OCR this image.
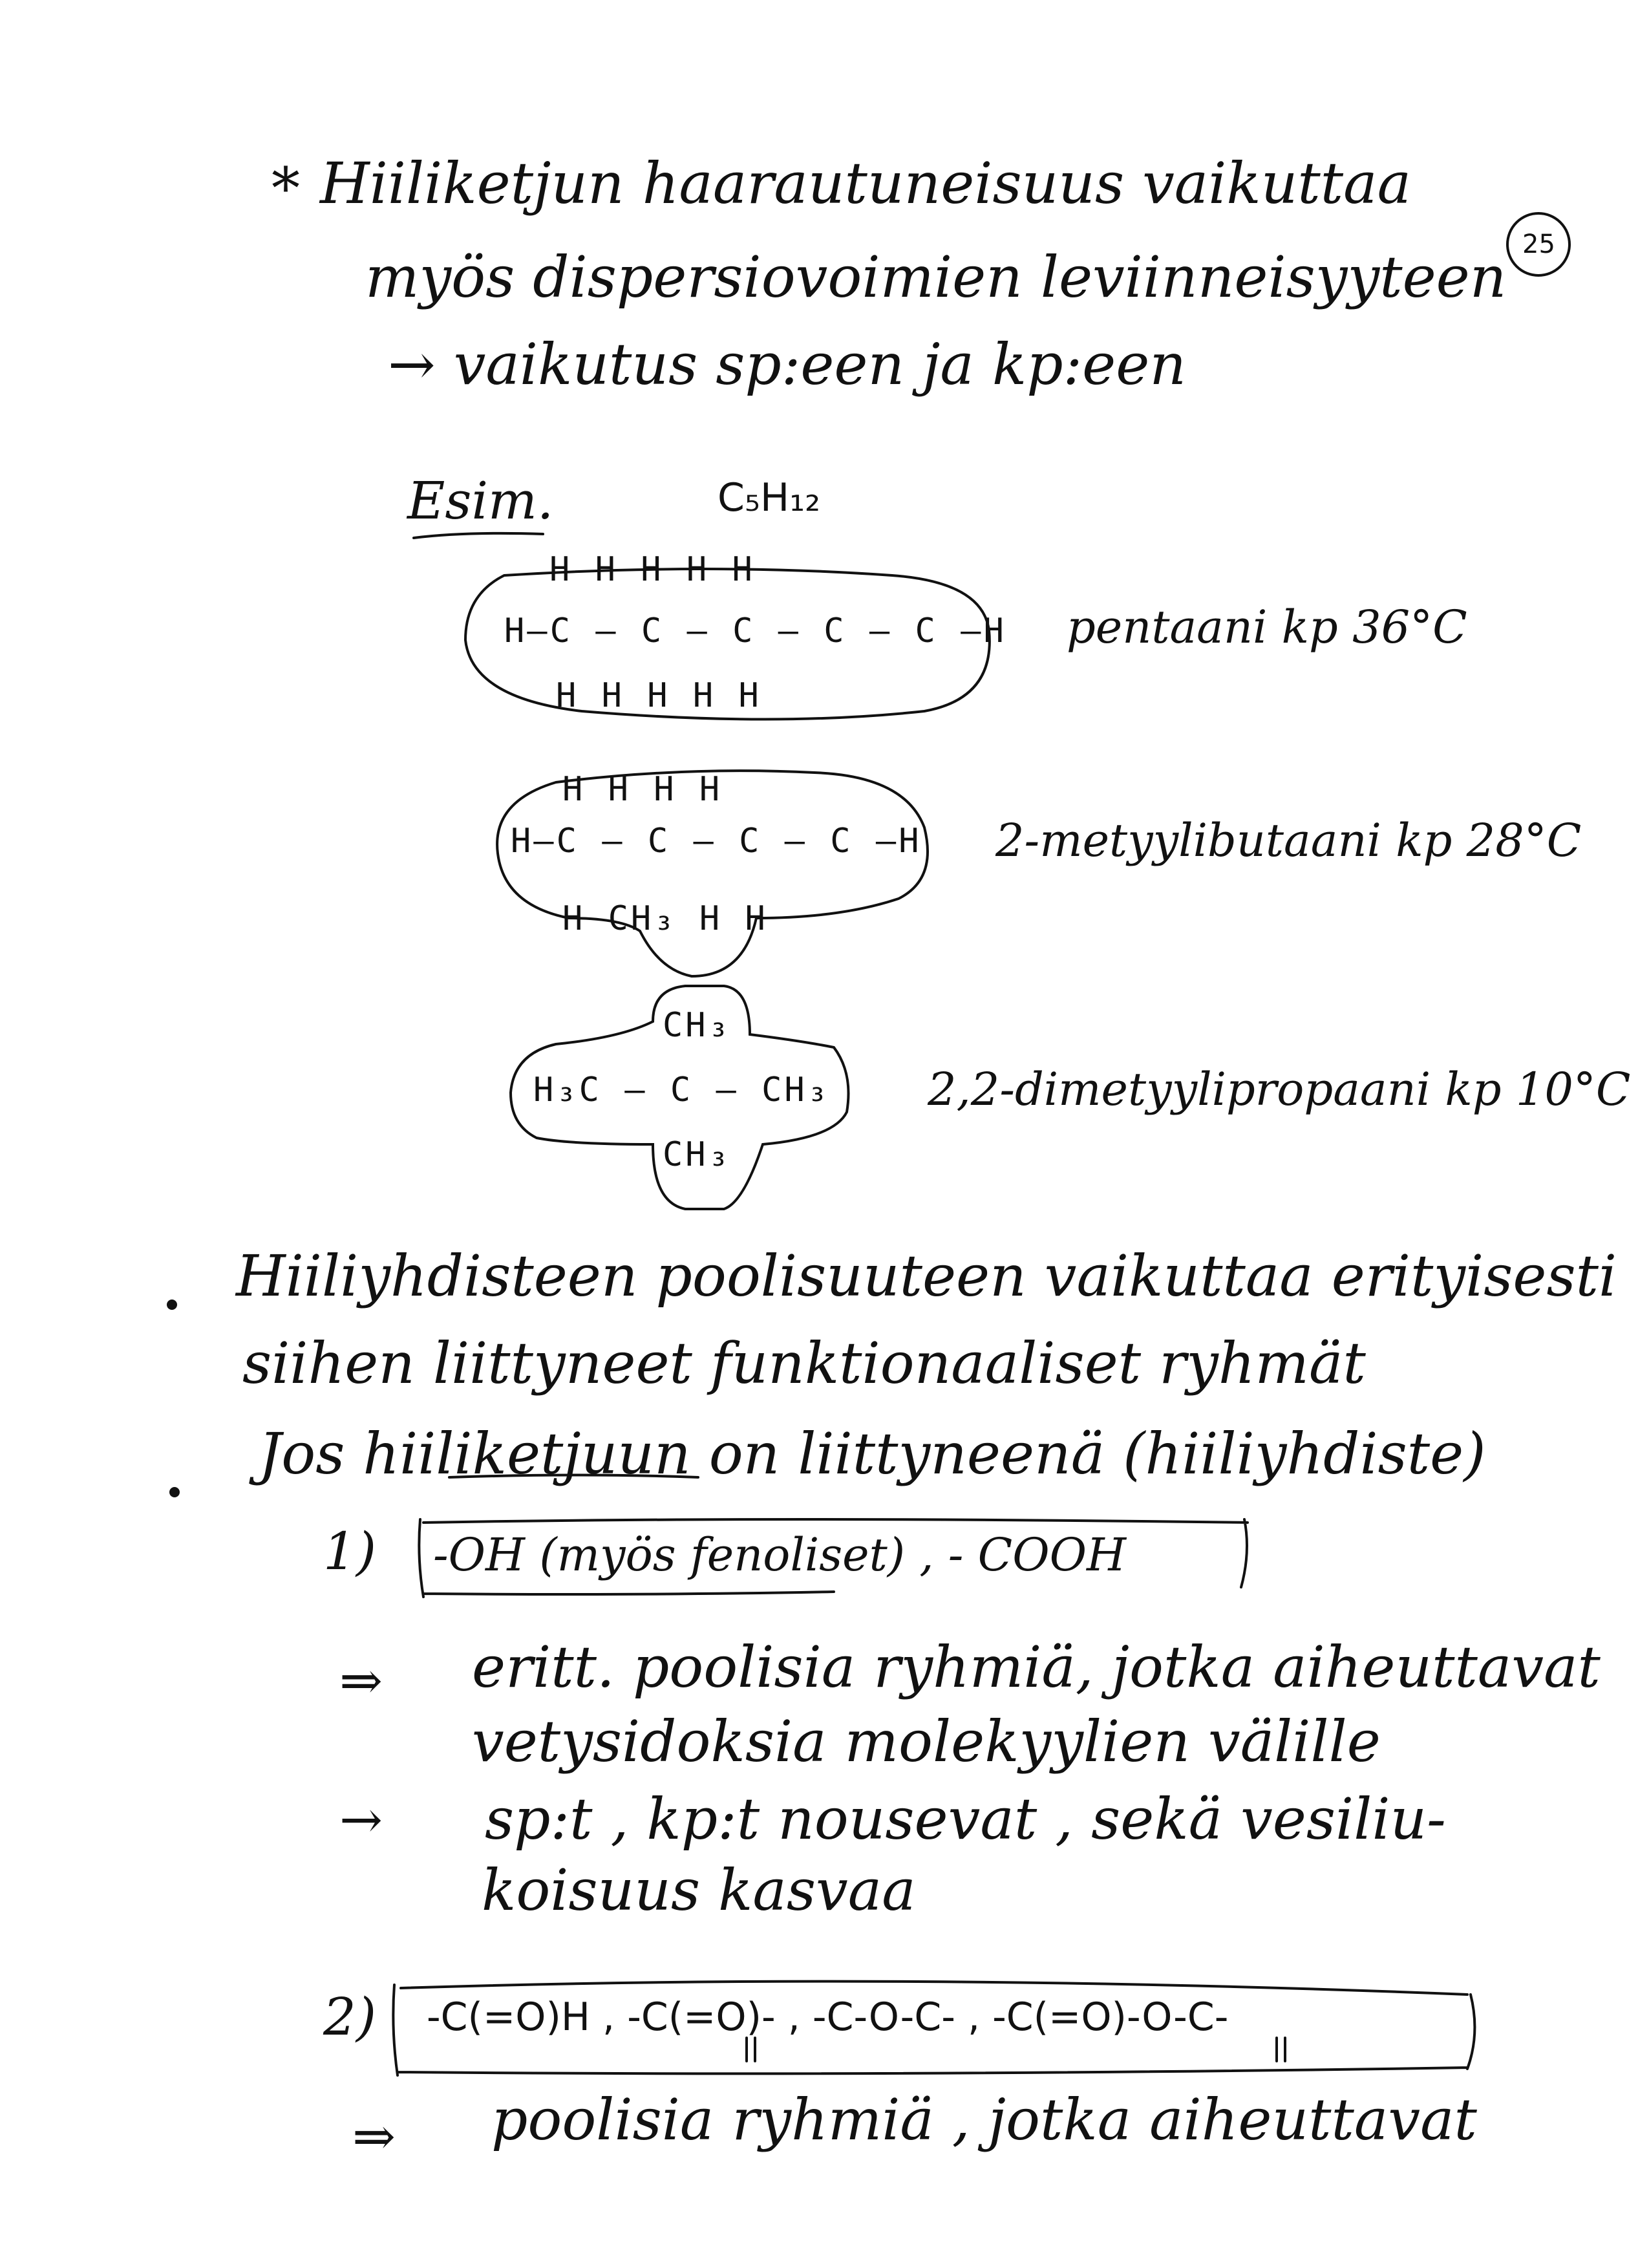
25
* Hiiliketjun haarautuneisuus vaikuttaa
myös dispersiovoimien leviinneisyyteen
→ vaikutus sp:een ja kp:een
Esim.	C₅H₁₂
H H H H H
H–C – C – C – C – C –H
H H H H H
pentaani kp 36°C
H H H H
H–C – C – C – C –H
H CH₃ H H
2-metyylibutaani kp 28°C
CH₃
H₃C – C – CH₃
CH₃
2,2-dimetyylipropaani kp 10°C
Hiiliyhdisteen poolisuuteen vaikuttaa erityisesti
siihen liittyneet funktionaaliset ryhmät
Jos hiiliketjuun on liittyneenä (hiiliyhdiste)
1) -OH (myös fenoliset) , - COOH
⇒ eritt. poolisia ryhmiä, jotka aiheuttavat
vetysidoksia molekyylien välille
→ sp:t , kp:t nousevat , sekä vesiliu-
koisuus kasvaa
2) -C(=O)H , -C(=O)- , -C-O-C- , -C(=O)-O-C-
⇒ poolisia ryhmiä , jotka aiheuttavat
